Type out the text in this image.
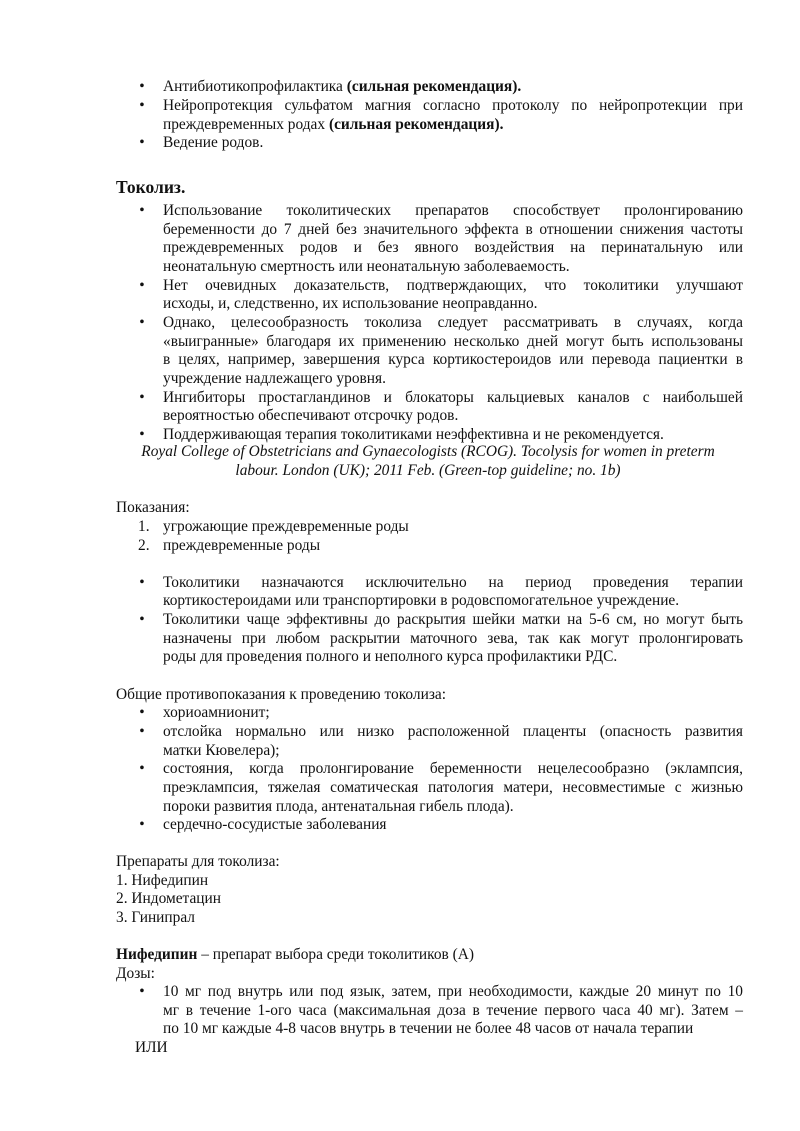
• Антибиотикопрофилактика (сильная рекомендация).
• Нейропротекция сульфатом магния согласно протоколу по нейропротекции при
преждевременных родах (сильная рекомендация).
• Ведение родов.
Токолиз.
• Использование токолитических препаратов способствует пролонгированию
беременности до 7 дней без значительного эффекта в отношении снижения частоты
преждевременных родов и без явного воздействия на перинатальную или
неонатальную смертность или неонатальную заболеваемость.
• Нет очевидных доказательств, подтверждающих, что токолитики улучшают
исходы, и, следственно, их использование неоправданно.
• Однако, целесообразность токолиза следует рассматривать в случаях, когда
«выигранные» благодаря их применению несколько дней могут быть использованы
в целях, например, завершения курса кортикостероидов или перевода пациентки в
учреждение надлежащего уровня.
• Ингибиторы простагландинов и блокаторы кальциевых каналов с наибольшей
вероятностью обеспечивают отсрочку родов.
• Поддерживающая терапия токолитиками неэффективна и не рекомендуется.
Royal College of Obstetricians and Gynaecologists (RCOG). Tocolysis for women in preterm
labour. London (UK); 2011 Feb. (Green-top guideline; no. 1b)
Показания:
1. угрожающие преждевременные роды
2. преждевременные роды
• Токолитики назначаются исключительно на период проведения терапии
кортикостероидами или транспортировки в родовспомогательное учреждение.
• Токолитики чаще эффективны до раскрытия шейки матки на 5-6 см, но могут быть
назначены при любом раскрытии маточного зева, так как могут пролонгировать
роды для проведения полного и неполного курса профилактики РДС.
Общие противопоказания к проведению токолиза:
• хориоамнионит;
• отслойка нормально или низко расположенной плаценты (опасность развития
матки Кювелера);
• состояния, когда пролонгирование беременности нецелесообразно (эклампсия,
преэклампсия, тяжелая соматическая патология матери, несовместимые с жизнью
пороки развития плода, антенатальная гибель плода).
• сердечно-сосудистые заболевания
Препараты для токолиза:
1. Нифедипин
2. Индометацин
3. Гинипрал
Нифедипин – препарат выбора среди токолитиков (А)
Дозы:
• 10 мг под внутрь или под язык, затем, при необходимости, каждые 20 минут по 10
мг в течение 1-ого часа (максимальная доза в течение первого часа 40 мг). Затем –
по 10 мг каждые 4-8 часов внутрь в течении не более 48 часов от начала терапии
ИЛИ
